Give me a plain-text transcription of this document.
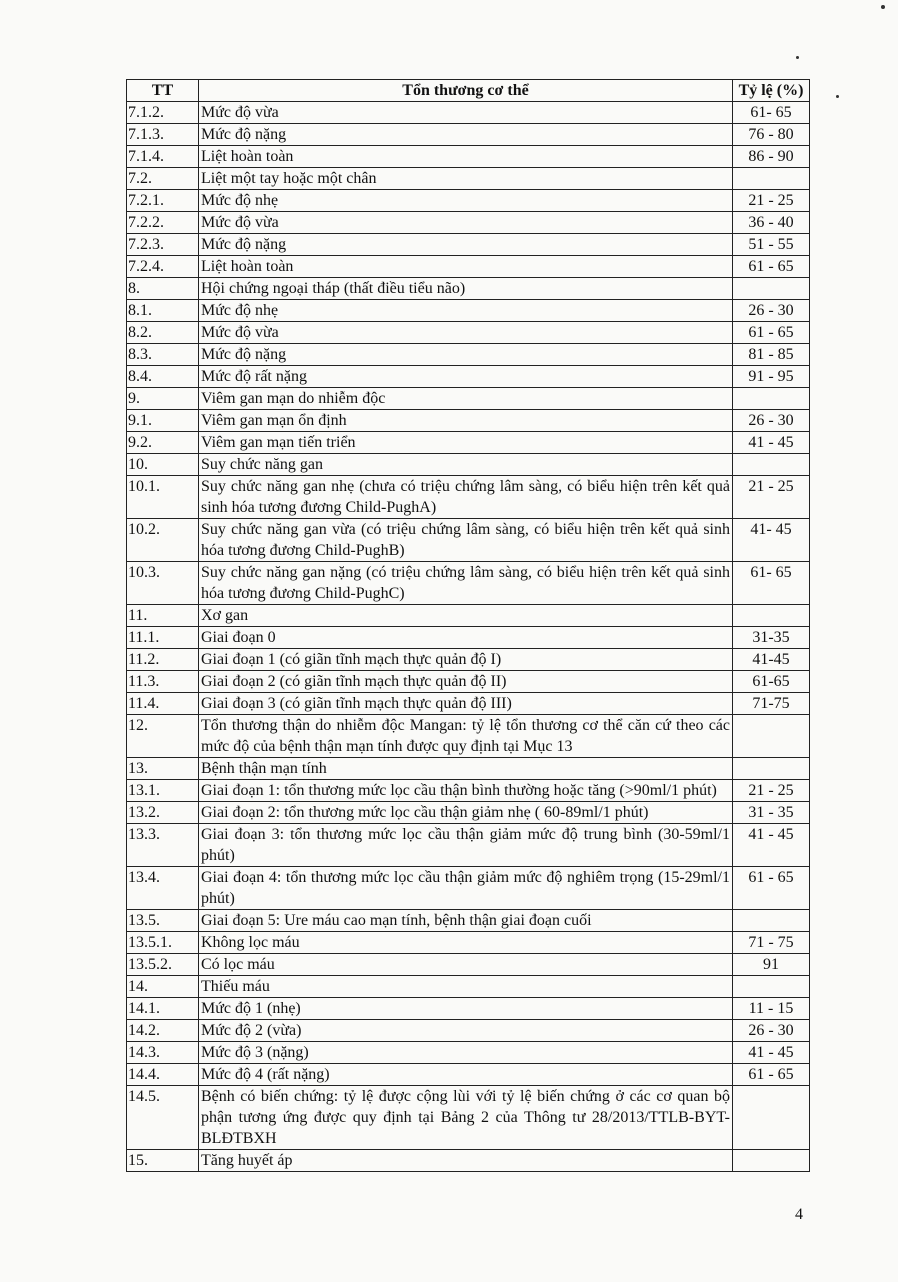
TT	Tổn thương cơ thể	Tỷ lệ (%)
7.1.2.	Mức độ vừa	61- 65
7.1.3.	Mức độ nặng	76 - 80
7.1.4.	Liệt hoàn toàn	86 - 90
7.2.	Liệt một tay hoặc một chân	
7.2.1.	Mức độ nhẹ	21 - 25
7.2.2.	Mức độ vừa	36 - 40
7.2.3.	Mức độ nặng	51 - 55
7.2.4.	Liệt hoàn toàn	61 - 65
8.	Hội chứng ngoại tháp (thất điều tiểu não)	
8.1.	Mức độ nhẹ	26 - 30
8.2.	Mức độ vừa	61 - 65
8.3.	Mức độ nặng	81 - 85
8.4.	Mức độ rất nặng	91 - 95
9.	Viêm gan mạn do nhiễm độc	
9.1.	Viêm gan mạn ổn định	26 - 30
9.2.	Viêm gan mạn tiến triển	41 - 45
10.	Suy chức năng gan	
10.1.	Suy chức năng gan nhẹ (chưa có triệu chứng lâm sàng, có biểu hiện trên kết quả sinh hóa tương đương Child-PughA)	21 - 25
10.2.	Suy chức năng gan vừa (có triệu chứng lâm sàng, có biểu hiện trên kết quả sinh hóa tương đương Child-PughB)	41- 45
10.3.	Suy chức năng gan nặng (có triệu chứng lâm sàng, có biểu hiện trên kết quả sinh hóa tương đương Child-PughC)	61- 65
11.	Xơ gan	
11.1.	Giai đoạn 0	31-35
11.2.	Giai đoạn 1 (có giãn tĩnh mạch thực quản độ I)	41-45
11.3.	Giai đoạn 2 (có giãn tĩnh mạch thực quản độ II)	61-65
11.4.	Giai đoạn 3 (có giãn tĩnh mạch thực quản độ III)	71-75
12.	Tổn thương thận do nhiễm độc Mangan: tỷ lệ tổn thương cơ thể căn cứ theo các mức độ của bệnh thận mạn tính được quy định tại Mục 13	
13.	Bệnh thận mạn tính	
13.1.	Giai đoạn 1: tổn thương mức lọc cầu thận bình thường hoặc tăng (>90ml/1 phút)	21 - 25
13.2.	Giai đoạn 2: tổn thương mức lọc cầu thận giảm nhẹ ( 60-89ml/1 phút)	31 - 35
13.3.	Giai đoạn 3: tổn thương mức lọc cầu thận giảm mức độ trung bình (30-59ml/1 phút)	41 - 45
13.4.	Giai đoạn 4: tổn thương mức lọc cầu thận giảm mức độ nghiêm trọng (15-29ml/1 phút)	61 - 65
13.5.	Giai đoạn 5: Ure máu cao mạn tính, bệnh thận giai đoạn cuối	
13.5.1.	Không lọc máu	71 - 75
13.5.2.	Có lọc máu	91
14.	Thiếu máu	
14.1.	Mức độ 1 (nhẹ)	11 - 15
14.2.	Mức độ 2 (vừa)	26 - 30
14.3.	Mức độ 3 (nặng)	41 - 45
14.4.	Mức độ 4 (rất nặng)	61 - 65
14.5.	Bệnh có biến chứng: tỷ lệ được cộng lùi với tỷ lệ biến chứng ở các cơ quan bộ phận tương ứng được quy định tại Bảng 2 của Thông tư 28/2013/TTLB-BYT-BLĐTBXH	
15.	Tăng huyết áp	
4
